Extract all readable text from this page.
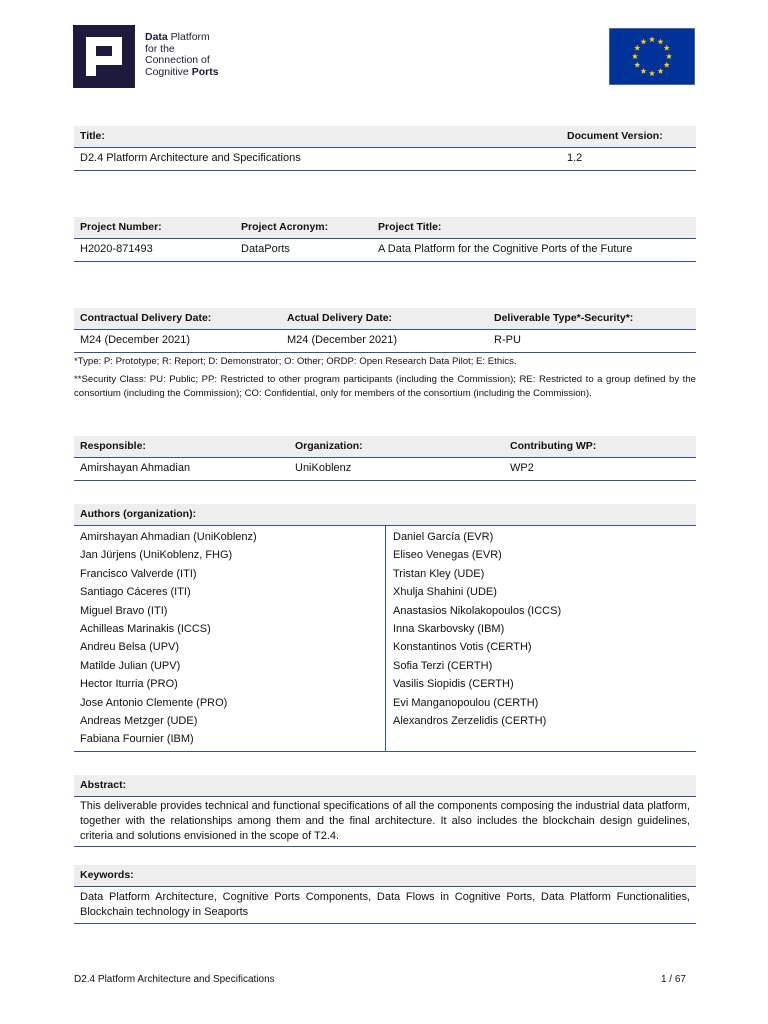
Data Platform
for the
Connection of
Cognitive Ports
Title:	Document Version:
D2.4 Platform Architecture and Specifications	1.2
Project Number:	Project Acronym:	Project Title:
H2020-871493	DataPorts	A Data Platform for the Cognitive Ports of the Future
Contractual Delivery Date:	Actual Delivery Date:	Deliverable Type*-Security*:
M24 (December 2021)	M24 (December 2021)	R-PU
*Type: P: Prototype; R: Report; D: Demonstrator; O: Other; ORDP: Open Research Data Pilot; E: Ethics.
**Security Class: PU: Public; PP: Restricted to other program participants (including the Commission); RE: Restricted to a group defined by the consortium (including the Commission); CO: Confidential, only for members of the consortium (including the Commission).
Responsible:	Organization:	Contributing WP:
Amirshayan Ahmadian	UniKoblenz	WP2
Authors (organization):
Amirshayan Ahmadian (UniKoblenz)
Jan Jürjens (UniKoblenz, FHG)
Francisco Valverde (ITI)
Santiago Cáceres (ITI)
Miguel Bravo (ITI)
Achilleas Marinakis (ICCS)
Andreu Belsa (UPV)
Matilde Julian (UPV)
Hector Iturria (PRO)
Jose Antonio Clemente (PRO)
Andreas Metzger (UDE)
Fabiana Fournier (IBM)
Daniel García (EVR)
Eliseo Venegas (EVR)
Tristan Kley (UDE)
Xhulja Shahini (UDE)
Anastasios Nikolakopoulos (ICCS)
Inna Skarbovsky (IBM)
Konstantinos Votis (CERTH)
Sofia Terzi (CERTH)
Vasilis Siopidis (CERTH)
Evi Manganopoulou (CERTH)
Alexandros Zerzelidis (CERTH)
Abstract:
This deliverable provides technical and functional specifications of all the components composing the industrial data platform, together with the relationships among them and the final architecture. It also includes the blockchain design guidelines, criteria and solutions envisioned in the scope of T2.4.
Keywords:
Data Platform Architecture, Cognitive Ports Components, Data Flows in Cognitive Ports, Data Platform Functionalities, Blockchain technology in Seaports
D2.4 Platform Architecture and Specifications	1 / 67
